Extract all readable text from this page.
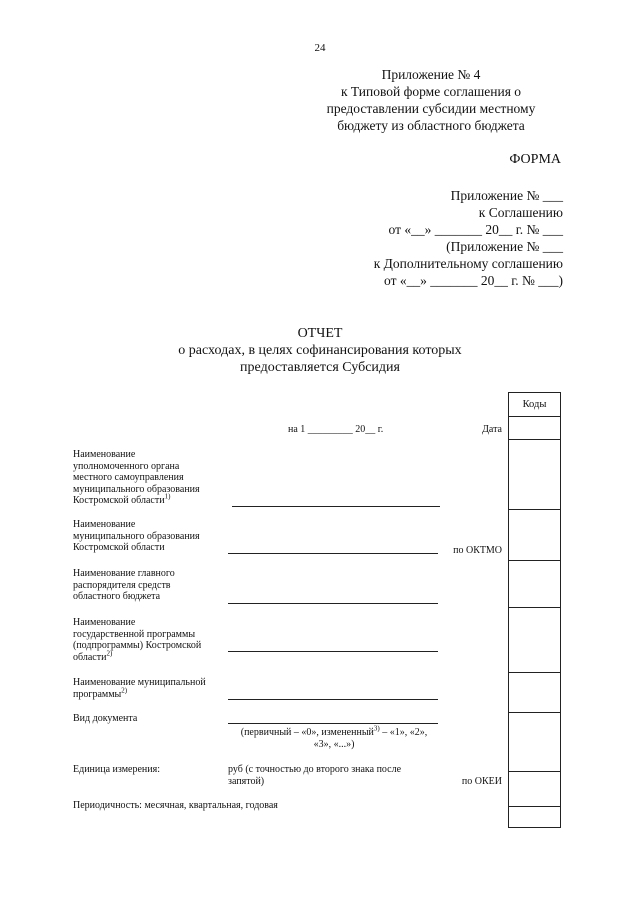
24
Приложение № 4
к Типовой форме соглашения о
предоставлении субсидии местному
бюджету из областного бюджета
ФОРМА
Приложение № ___
к Соглашению
от «__» _______ 20__ г. № ___
(Приложение № ___
к Дополнительному соглашению
от «__» _______ 20__ г. № ___)
ОТЧЕТ
о расходах, в целях софинансирования которых
предоставляется Субсидия
Коды

на 1 _________ 20__ г.	Дата
Наименование
уполномоченного органа
местного самоуправления
муниципального образования
Костромской области$^{1)}$
Наименование
муниципального образования
Костромской области	по ОКТМО
Наименование главного
распорядителя средств
областного бюджета
Наименование
государственной программы
(подпрограммы) Костромской
области$^{2)}$
Наименование муниципальной
программы$^{2)}$
Вид документа
(первичный – «0», измененный$^{3)}$ – «1», «2»,
«3», «...»)
Единица измерения:	руб (с точностью до второго знака после
запятой)	по ОКЕИ
Периодичность: месячная, квартальная, годовая
